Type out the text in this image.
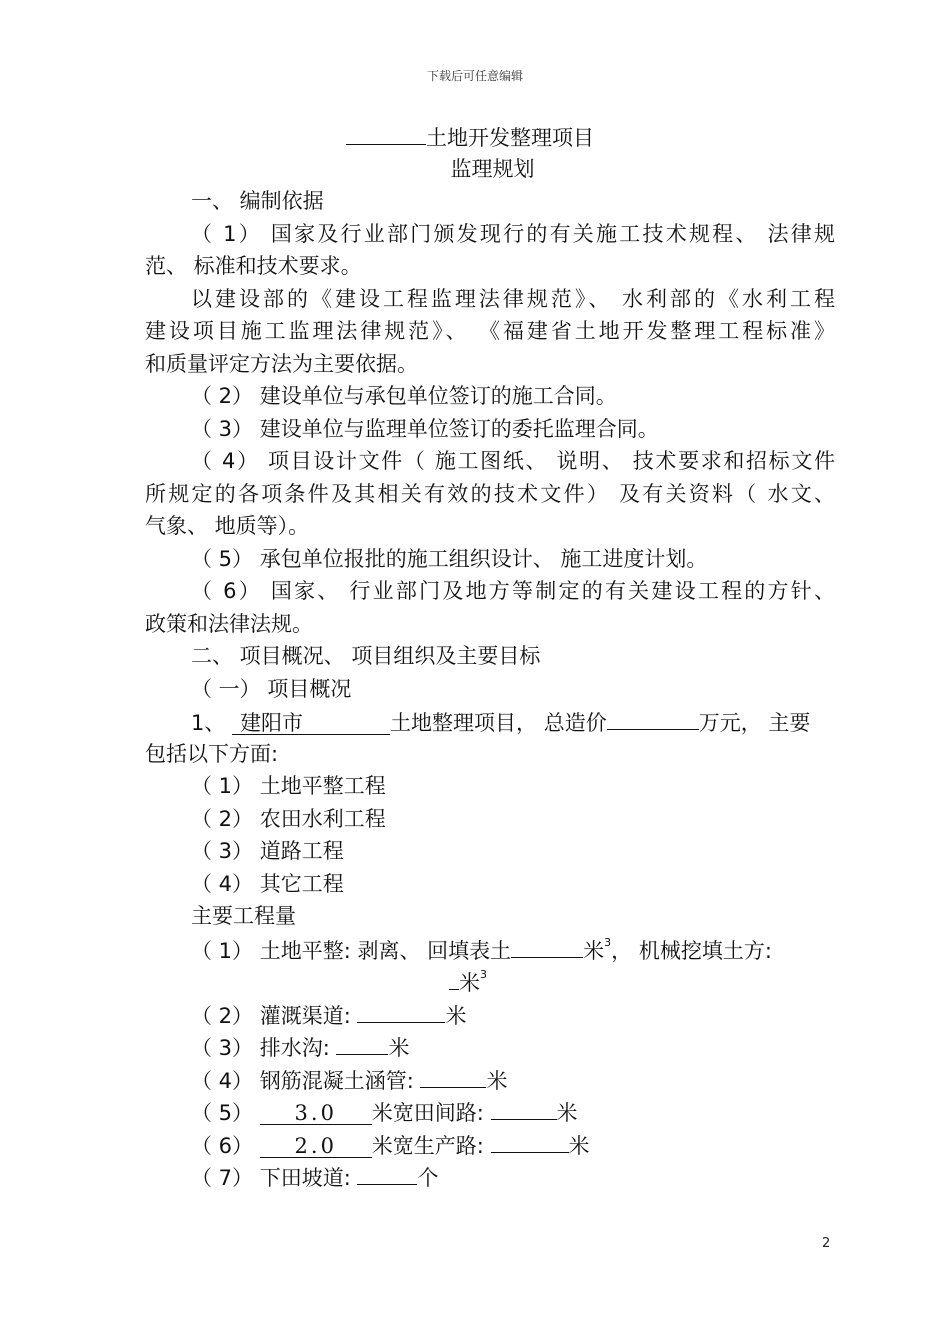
下载后可任意编辑
土地开发整理项目
监理规划
一、 编制依据
（ 1） 国家及行业部门颁发现行的有关施工技术规程、 法律规
范、 标准和技术要求。
以建设部的《建设工程监理法律规范》、 水利部的《水利工程
建设项目施工监理法律规范》、 《福建省土地开发整理工程标准》
和质量评定方法为主要依据。
（ 2） 建设单位与承包单位签订的施工合同。
（ 3） 建设单位与监理单位签订的委托监理合同。
（ 4） 项目设计文件（ 施工图纸、 说明、 技术要求和招标文件
所规定的各项条件及其相关有效的技术文件） 及有关资料（ 水文、
气象、 地质等）。
（ 5） 承包单位报批的施工组织设计、 施工进度计划。
（ 6） 国家、 行业部门及地方等制定的有关建设工程的方针、
政策和法律法规。
二、 项目概况、 项目组织及主要目标
（ 一） 项目概况
1、 建阳市	土地整理项目， 总造价	万元， 主要
包括以下方面:
（ 1） 土地平整工程
（ 2） 农田水利工程
（ 3） 道路工程
（ 4） 其它工程
主要工程量
（ 1） 土地平整: 剥离、 回填表土	米$^3$， 机械挖填土方:
米$^3$
（ 2） 灌溉渠道:	米
（ 3） 排水沟:	米
（ 4） 钢筋混凝土涵管:	米
（ 5） 3.0 米宽田间路:	米
（ 6） 2.0 米宽生产路:	米
（ 7） 下田坡道:	个
2
